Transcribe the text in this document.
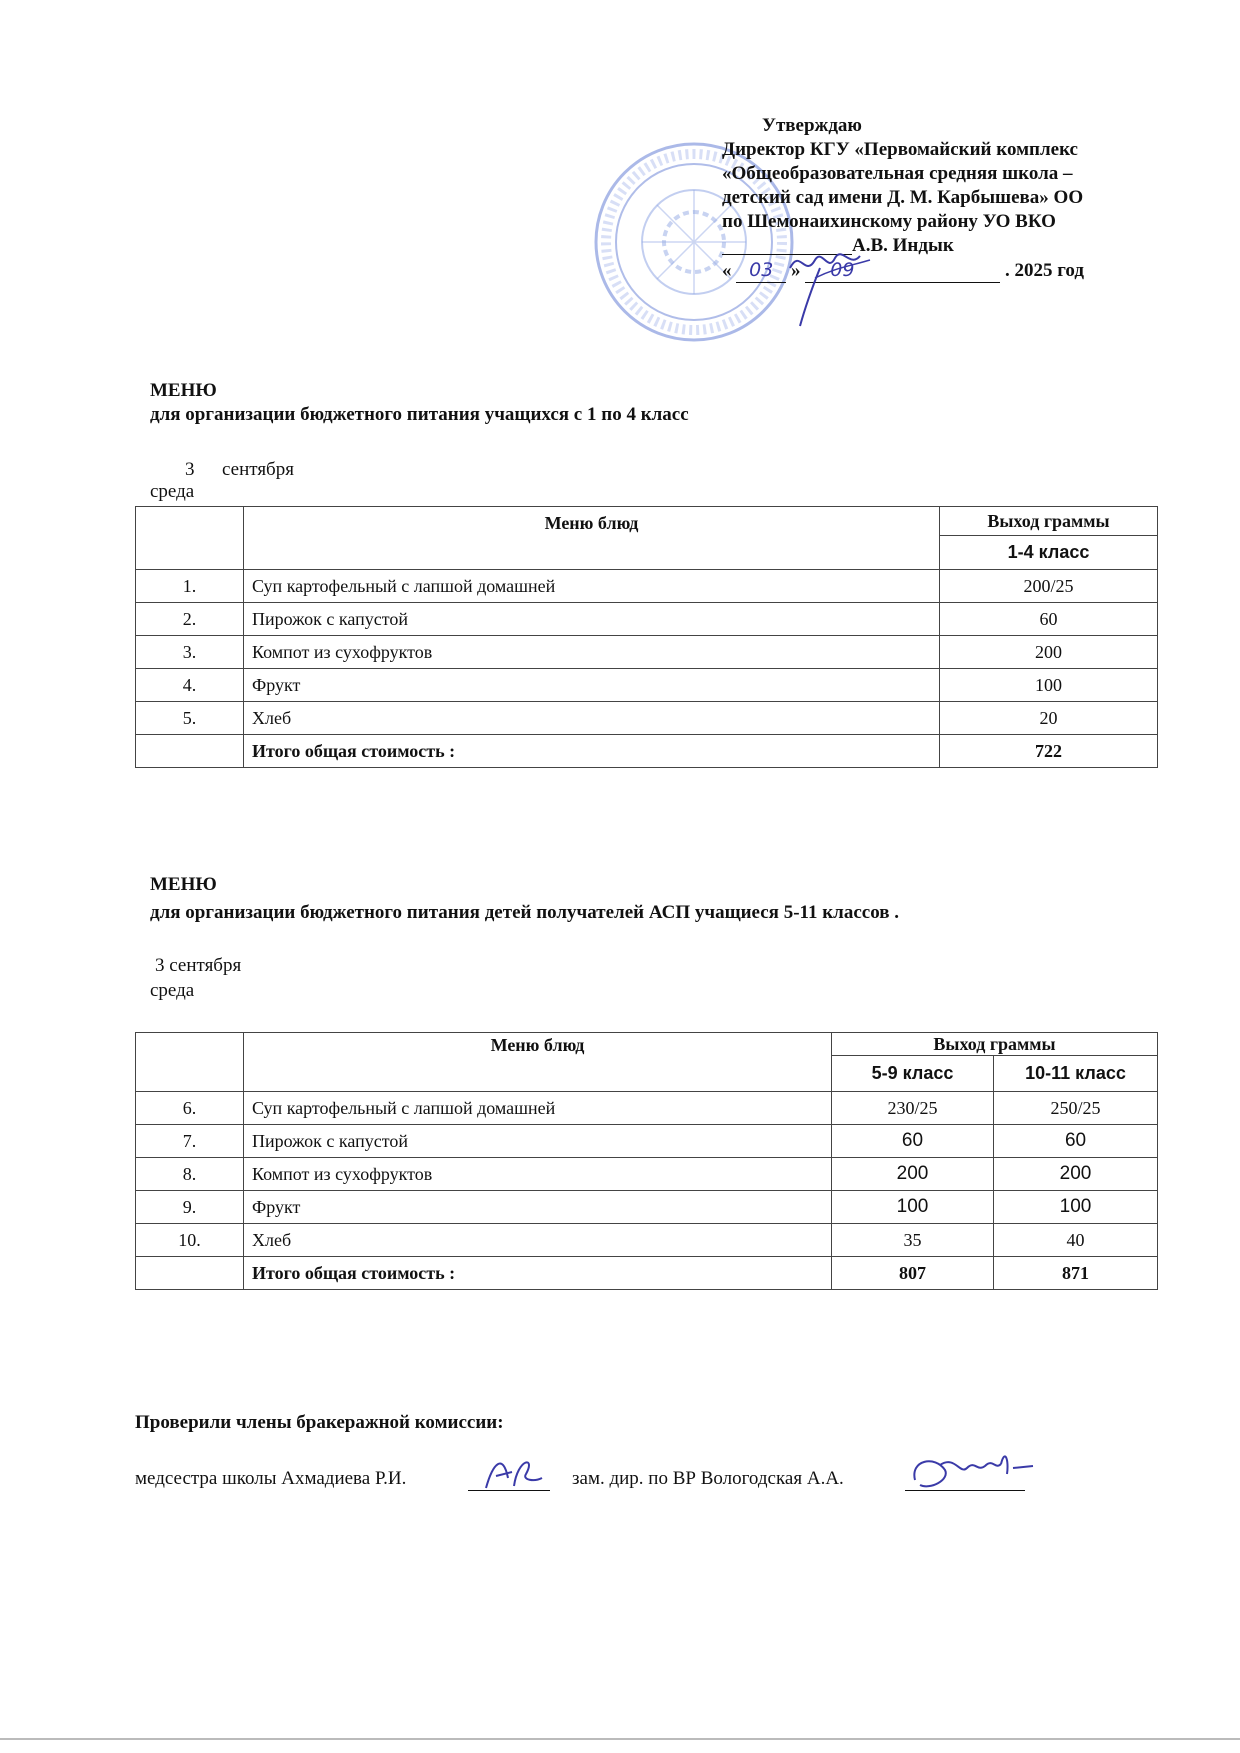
Утверждаю
Директор КГУ «Первомайский комплекс
«Общеобразовательная средняя школа –
детский сад имени Д. М. Карбышева» ОО
по Шемонаихинскому району УО ВКО
А.В. Индык
« 03 » 09	. 2025 год
МЕНЮ
для организации бюджетного питания учащихся с 1 по 4 класс
3 сентября
среда
	Меню блюд	Выход граммы
		1-4 класс
1.	Суп картофельный с лапшой домашней	200/25
2.	Пирожок с капустой	60
3.	Компот из сухофруктов	200
4.	Фрукт	100
5.	Хлеб	20
	Итого общая стоимость :	722
МЕНЮ
для организации бюджетного питания детей получателей АСП учащиеся 5-11 классов .
3 сентября
среда
	Меню блюд	Выход граммы	
		5-9 класс	10-11 класс
6.	Суп картофельный с лапшой домашней	230/25	250/25
7.	Пирожок с капустой	60	60
8.	Компот из сухофруктов	200	200
9.	Фрукт	100	100
10.	Хлеб	35	40
	Итого общая стоимость :	807	871
Проверили члены бракеражной комиссии:
медсестра школы Ахмадиева Р.И.	зам. дир. по ВР Вологодская А.А.
